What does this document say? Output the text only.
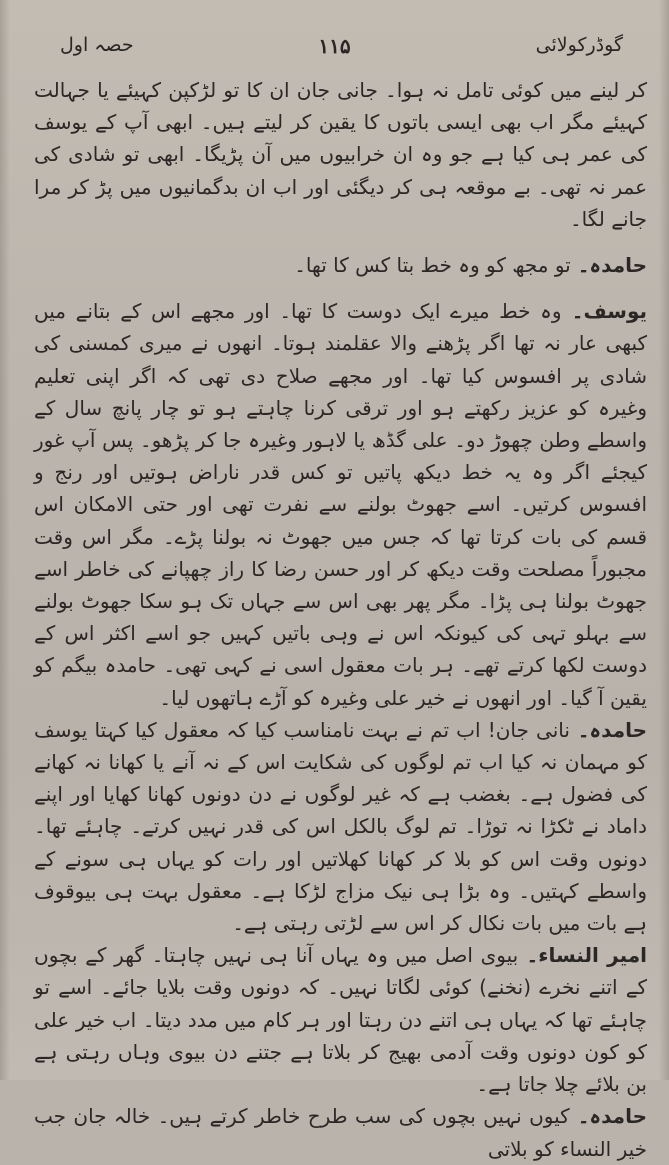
حصہ اول	۱۱۵	گوڈرکولائی

کر لینے میں کوئی تامل نہ ہوا۔ جانی جان ان کا تو لڑکپن کہیئے یا جہالت کہیئے مگر اب بھی ایسی باتوں کا یقین کر لیتے ہیں۔ ابھی آپ کے یوسف کی عمر ہی کیا ہے جو وہ ان خرابیوں میں آن پڑیگا۔ ابھی تو شادی کی عمر نہ تھی۔ بے موقعہ ہی کر دیگئی اور اب ان بدگمانیوں میں پڑ کر مرا جانے لگا۔

حامدہ۔ تو مجھ کو وہ خط بتا کس کا تھا۔

یوسف۔ وہ خط میرے ایک دوست کا تھا۔ اور مجھے اس کے بتانے میں کبھی عار نہ تھا اگر پڑھنے والا عقلمند ہوتا۔ انھوں نے میری کمسنی کی شادی پر افسوس کیا تھا۔ اور مجھے صلاح دی تھی کہ اگر اپنی تعلیم وغیرہ کو عزیز رکھتے ہو اور ترقی کرنا چاہتے ہو تو چار پانچ سال کے واسطے وطن چھوڑ دو۔ علی گڈھ یا لاہور وغیرہ جا کر پڑھو۔ پس آپ غور کیجئے اگر وہ یہ خط دیکھ پاتیں تو کس قدر ناراض ہوتیں اور رنج و افسوس کرتیں۔ اسے جھوٹ بولنے سے نفرت تھی اور حتی الامکان اس قسم کی بات کرتا تھا کہ جس میں جھوٹ نہ بولنا پڑے۔ مگر اس وقت مجبوراً مصلحت وقت دیکھ کر اور حسن رضا کا راز چھپانے کی خاطر اسے جھوٹ بولنا ہی پڑا۔ مگر پھر بھی اس سے جہاں تک ہو سکا جھوٹ بولنے سے بہلو تہی کی کیونکہ اس نے وہی باتیں کہیں جو اسے اکثر اس کے دوست لکھا کرتے تھے۔ ہر بات معقول اسی نے کہی تھی۔ حامدہ بیگم کو یقین آ گیا۔ اور انھوں نے خیر علی وغیرہ کو آڑے ہاتھوں لیا۔

حامدہ۔ نانی جان! اب تم نے بہت نامناسب کیا کہ معقول کیا کہتا یوسف کو مہمان نہ کیا اب تم لوگوں کی شکایت اس کے نہ آنے یا کھانا نہ کھانے کی فضول ہے۔ بغضب ہے کہ غیر لوگوں نے دن دونوں کھانا کھایا اور اپنے داماد نے ٹکڑا نہ توڑا۔ تم لوگ بالکل اس کی قدر نہیں کرتے۔ چاہئے تھا۔ دونوں وقت اس کو بلا کر کھانا کھلاتیں اور رات کو یہاں ہی سونے کے واسطے کہتیں۔ وہ بڑا ہی نیک مزاج لڑکا ہے۔ معقول بہت ہی بیوقوف ہے بات میں بات نکال کر اس سے لڑتی رہتی ہے۔

امیر النساء۔ بیوی اصل میں وہ یہاں آنا ہی نہیں چاہتا۔ گھر کے بچوں کے اتنے نخرے (نخنے) کوئی لگاتا نہیں۔ کہ دونوں وقت بلایا جائے۔ اسے تو چاہئے تھا کہ یہاں ہی اتنے دن رہتا اور ہر کام میں مدد دیتا۔ اب خیر علی کو کون دونوں وقت آدمی بھیج کر بلاتا ہے جتنے دن بیوی وہاں رہتی ہے بن بلائے چلا جاتا ہے۔

حامدہ۔ کیوں نہیں بچوں کی سب طرح خاطر کرتے ہیں۔ خالہ جان جب خیر النساء کو بلاتی
